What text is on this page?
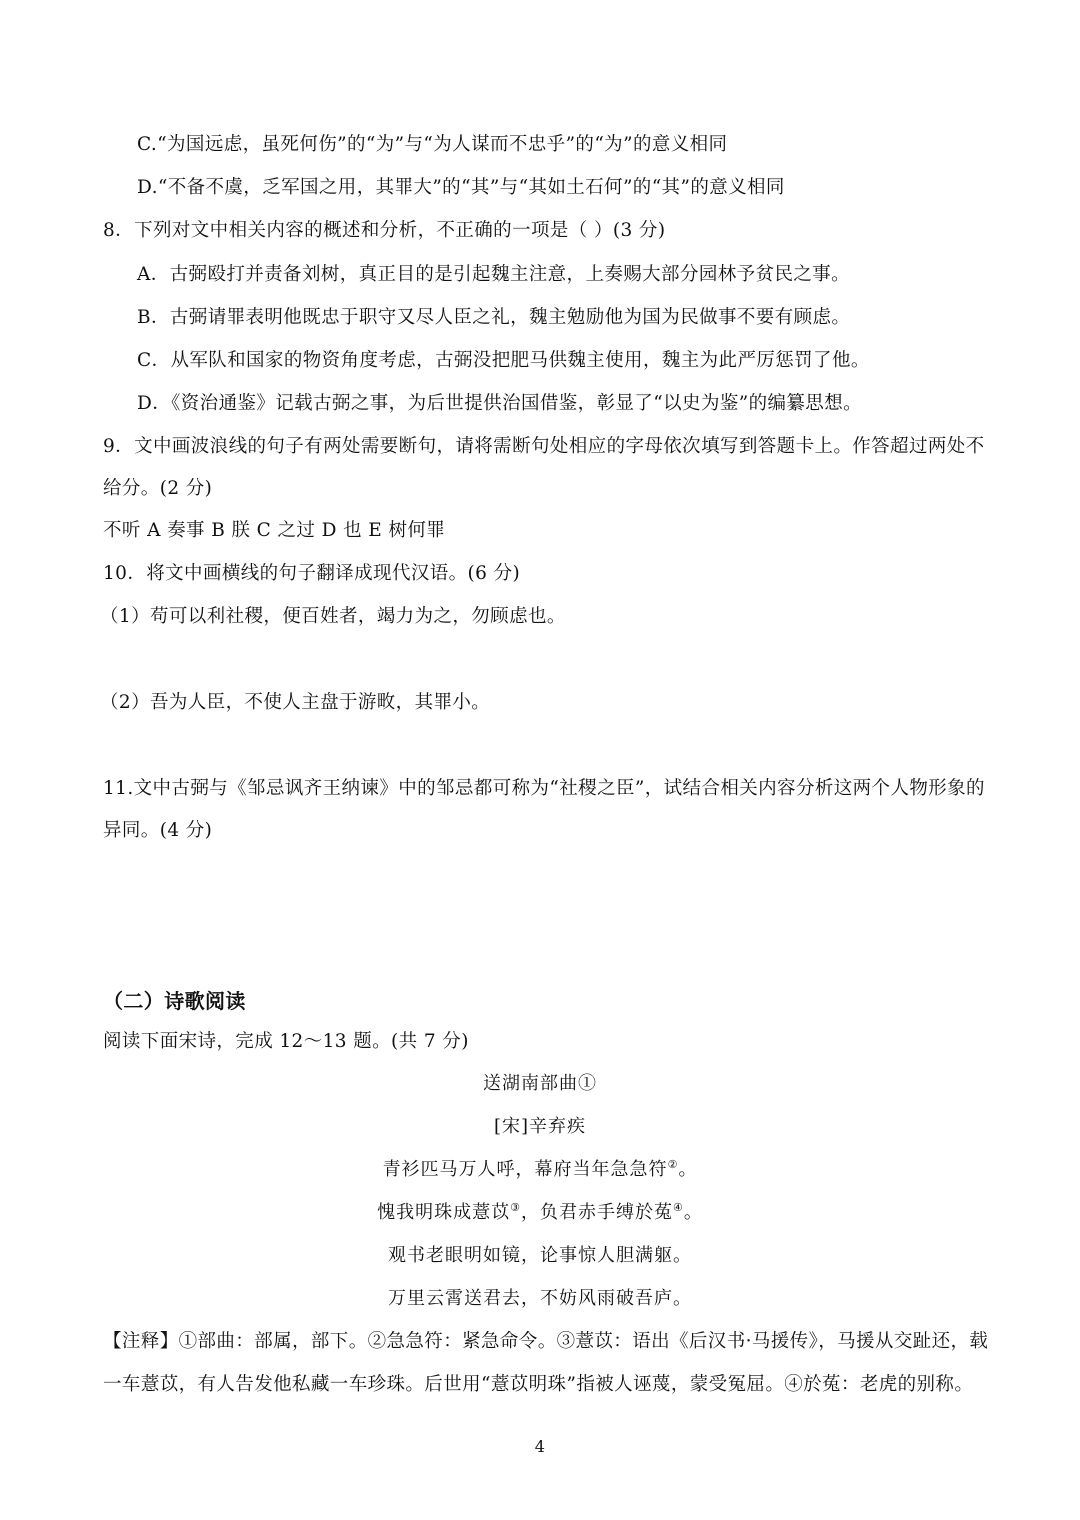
C.“为国远虑，虽死何伤”的“为”与“为人谋而不忠乎”的“为”的意义相同
D.“不备不虞，乏军国之用，其罪大”的“其”与“其如土石何”的“其”的意义相同
8．下列对文中相关内容的概述和分析，不正确的一项是（ ）(3 分)
A．古弼殴打并责备刘树，真正目的是引起魏主注意，上奏赐大部分园林予贫民之事。
B．古弼请罪表明他既忠于职守又尽人臣之礼，魏主勉励他为国为民做事不要有顾虑。
C．从军队和国家的物资角度考虑，古弼没把肥马供魏主使用，魏主为此严厉惩罚了他。
D．《资治通鉴》记载古弼之事，为后世提供治国借鉴，彰显了“以史为鉴”的编纂思想。
9．文中画波浪线的句子有两处需要断句，请将需断句处相应的字母依次填写到答题卡上。作答超过两处不
给分。(2 分)
不听 A 奏事 B 朕 C 之过 D 也 E 树何罪
10．将文中画横线的句子翻译成现代汉语。(6 分)
（1）苟可以利社稷，便百姓者，竭力为之，勿顾虑也。
（2）吾为人臣，不使人主盘于游畋，其罪小。
11.文中古弼与《邹忌讽齐王纳谏》中的邹忌都可称为“社稷之臣”，试结合相关内容分析这两个人物形象的
异同。(4 分)
（二）诗歌阅读
阅读下面宋诗，完成 12～13 题。(共 7 分)
送湖南部曲①
[宋]辛弃疾
青衫匹马万人呼，幕府当年急急符②。
愧我明珠成薏苡③，负君赤手缚於菟④。
观书老眼明如镜，论事惊人胆满躯。
万里云霄送君去，不妨风雨破吾庐。
【注释】①部曲：部属，部下。②急急符：紧急命令。③薏苡：语出《后汉书·马援传》，马援从交趾还，载
一车薏苡，有人告发他私藏一车珍珠。后世用“薏苡明珠”指被人诬蔑，蒙受冤屈。④於菟：老虎的别称。
4
